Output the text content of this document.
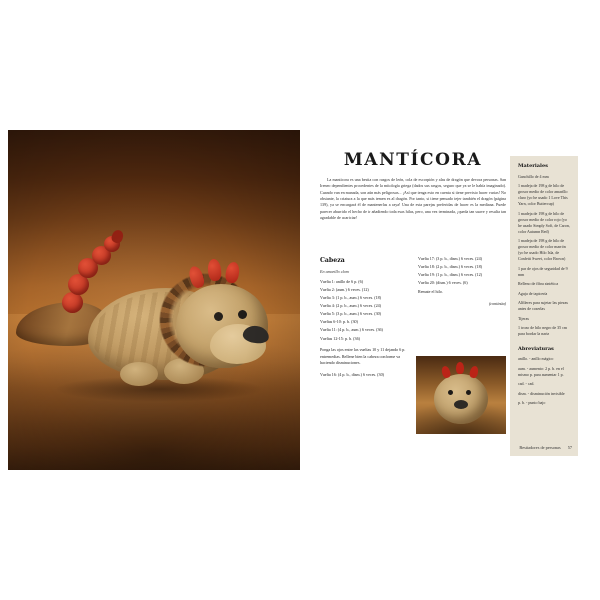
MANTÍCORA

La manticora es una bestia con rasgos de león, cola de escorpión y alas de dragón que devora personas. San Ireneo dependientes procedentes de la mitología griega (dados sus rasgos, seguro que ya se le había imaginado). Cuando van en manada, son aún más peligrosas... ¡Así que tenga esto en cuenta si tiene previsto hacer varias! No obstante, la criatura a la que más temen es al dragón. Por tanto, si tiene pensado tejer también el dragón (página 139), ya se encargará él de mantenerlas a raya! Una de esta parejas preferidas de hacer es la mediana. Puede parecer aburrido el hecho de ir añadiendo toda esas hilas, pero, una vez terminada, ¡queda tan suave y resulta tan agradable de acariciar!

Cabeza
En amarillo claro
Vuelta 1: anillo de 6 p. (6)
Vuelta 2: (aum.) 6 veces. (12)
Vuelta 3: (1 p. b., aum.) 6 veces. (18)
Vuelta 4: (2 p. b., aum.) 6 veces. (24)
Vuelta 5: (3 p. b., aum.) 6 veces. (30)
Vueltas 6-10: p. b. (30)
Vuelta 11: (4 p. b., aum.) 6 veces. (36)
Vueltas 12-15: p. b. (36)
Ponga las ojos entre las vueltas 10 y 11 dejando 6 p. entremedias. Rellene bien la cabeza conforme va haciendo disminuciones.
Vuelta 16: (4 p. b., dism.) 6 veces. (30)
Vuelta 17: (3 p. b., dism.) 6 veces. (24)
Vuelta 18: (2 p. b., dism.) 6 veces. (18)
Vuelta 19: (1 p. b., dism.) 6 veces. (12)
Vuelta 20: (dism.) 6 veces. (6)
Remate el hilo.
(continúa)
Materiales
Ganchillo de 4 mm
1 madeja de 198 g de hilo de grosor medio de color amarillo claro (yo he usado 1 Love This Yarn, color Buttercup)
1 madeja de 198 g de hilo de grosor medio de color rojo (yo he usado Simply Soft, de Caron, color Autumn Red)
1 madeja de 198 g de hilo de grosor medio de color marrón (yo he usado Hilo Isla, de Confetti Sweet, color Brown)
1 par de ojos de seguridad de 9 mm
Relleno de fibra sintética
Aguja de tapicería
Alfileres para sujetar las piezas antes de coserlas
Tijeras
1 trozo de hilo negro de 35 cm para bordar la nariz
Abreviaturas
anillo. - anillo mágico
aum. - aumento: 2 p. b. en el mismo p. para aumentar 1 p.
cad. - cad.
dism. - disminución invisible
p. b. - punto bajo
Bestiadores de personas 57
